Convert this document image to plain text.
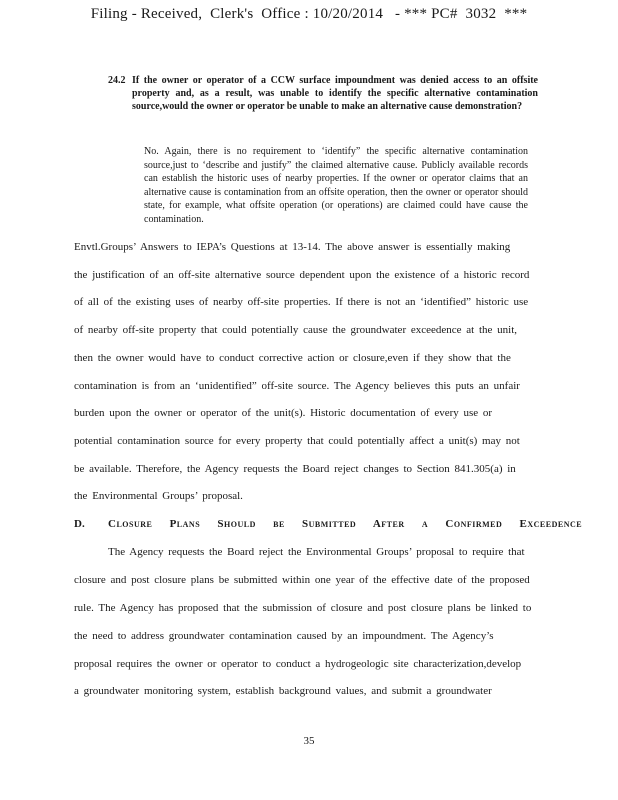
Filing - Received,  Clerk's  Office : 10/20/2014   - *** PC#  3032  ***
24.2 If the owner or operator of a CCW surface impoundment was denied access to an offsite property and, as a result, was unable to identify the specific alternative contamination source,would the owner or operator be unable to make an alternative cause demonstration?
No. Again, there is no requirement to ‘identify” the specific alternative contamination source,just to ‘describe and justify” the claimed alternative cause. Publicly available records can establish the historic uses of nearby properties. If the owner or operator claims that an alternative cause is contamination from an offsite operation, then the owner or operator should state, for example, what offsite operation (or operations) are claimed could have cause the contamination.
Envtl.Groups’ Answers to IEPA’s Questions at 13-14. The above answer is essentially making
the justification of an off-site alternative source dependent upon the existence of a historic record
of all of the existing uses of nearby off-site properties. If there is not an ‘identified” historic use
of nearby off-site property that could potentially cause the groundwater exceedence at the unit,
then the owner would have to conduct corrective action or closure,even if they show that the
contamination is from an ‘unidentified” off-site source. The Agency believes this puts an unfair
burden upon the owner or operator of the unit(s). Historic documentation of every use or
potential contamination source for every property that could potentially affect a unit(s) may not
be available. Therefore, the Agency requests the Board reject changes to Section 841.305(a) in
the Environmental Groups’ proposal.
D. Closure Plans Should be Submitted After a Confirmed Exceedence
The Agency requests the Board reject the Environmental Groups’ proposal to require that
closure and post closure plans be submitted within one year of the effective date of the proposed
rule. The Agency has proposed that the submission of closure and post closure plans be linked to
the need to address groundwater contamination caused by an impoundment. The Agency’s
proposal requires the owner or operator to conduct a hydrogeologic site characterization,develop
a groundwater monitoring system, establish background values, and submit a groundwater
35
